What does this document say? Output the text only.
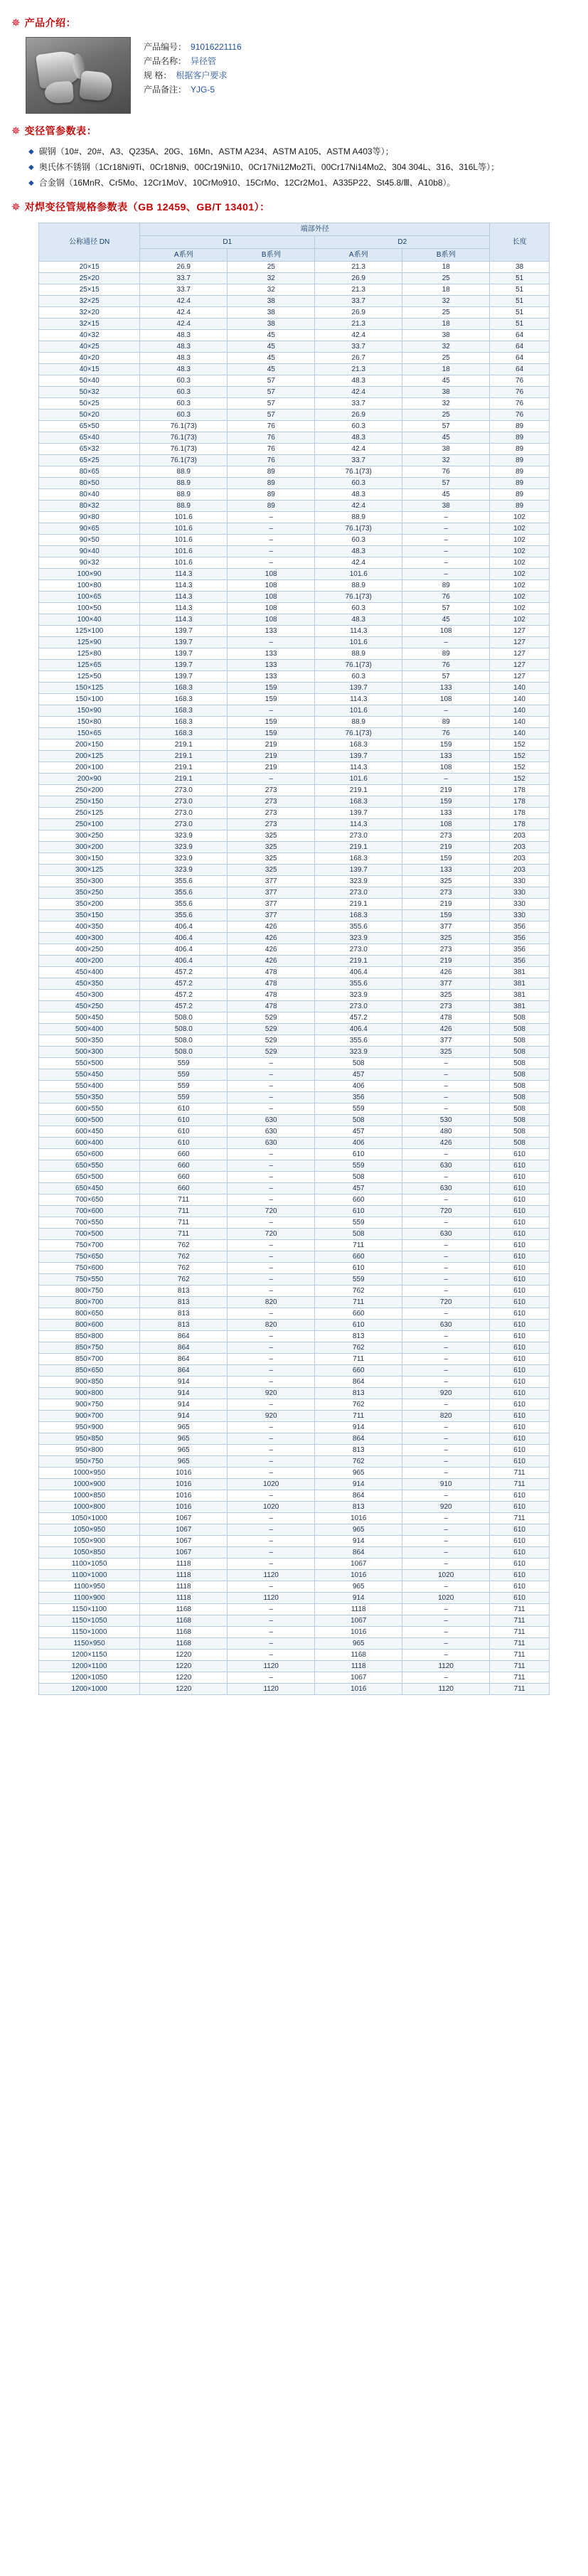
✵ 产品介绍：
产品编号： 91016221116
产品名称： 异径管
规 格： 根据客户要求
产品备注： YJG-5
✵ 变径管参数表：
◆ 碳钢（10#、20#、A3、Q235A、20G、16Mn、ASTM A234、ASTM A105、ASTM A403等）；
◆ 奥氏体不锈钢（1Cr18Ni9Ti、0Cr18Ni9、00Cr19Ni10、0Cr17Ni12Mo2Ti、00Cr17Ni14Mo2、304 304L、316、316L等）；
◆ 合金钢（16MnR、Cr5Mo、12Cr1MoV、10CrMo910、15CrMo、12Cr2Mo1、A335P22、St45.8/Ⅲ、A10b8）。
✵ 对焊变径管规格参数表（GB 12459、GB/T 13401）：
公称通径 DN	端部外径				长度
	D1		D2		
	A系列	B系列	A系列	B系列	
20×15	26.9	25	21.3	18	38
25×20	33.7	32	26.9	25	51
25×15	33.7	32	21.3	18	51
32×25	42.4	38	33.7	32	51
32×20	42.4	38	26.9	25	51
32×15	42.4	38	21.3	18	51
40×32	48.3	45	42.4	38	64
40×25	48.3	45	33.7	32	64
40×20	48.3	45	26.7	25	64
40×15	48.3	45	21.3	18	64
50×40	60.3	57	48.3	45	76
50×32	60.3	57	42.4	38	76
50×25	60.3	57	33.7	32	76
50×20	60.3	57	26.9	25	76
65×50	76.1(73)	76	60.3	57	89
65×40	76.1(73)	76	48.3	45	89
65×32	76.1(73)	76	42.4	38	89
65×25	76.1(73)	76	33.7	32	89
80×65	88.9	89	76.1(73)	76	89
80×50	88.9	89	60.3	57	89
80×40	88.9	89	48.3	45	89
80×32	88.9	89	42.4	38	89
90×80	101.6	–	88.9	–	102
90×65	101.6	–	76.1(73)	–	102
90×50	101.6	–	60.3	–	102
90×40	101.6	–	48.3	–	102
90×32	101.6	–	42.4	–	102
100×90	114.3	108	101.6	–	102
100×80	114.3	108	88.9	89	102
100×65	114.3	108	76.1(73)	76	102
100×50	114.3	108	60.3	57	102
100×40	114.3	108	48.3	45	102
125×100	139.7	133	114.3	108	127
125×90	139.7	–	101.6	–	127
125×80	139.7	133	88.9	89	127
125×65	139.7	133	76.1(73)	76	127
125×50	139.7	133	60.3	57	127
150×125	168.3	159	139.7	133	140
150×100	168.3	159	114.3	108	140
150×90	168.3	–	101.6	–	140
150×80	168.3	159	88.9	89	140
150×65	168.3	159	76.1(73)	76	140
200×150	219.1	219	168.3	159	152
200×125	219.1	219	139.7	133	152
200×100	219.1	219	114.3	108	152
200×90	219.1	–	101.6	–	152
250×200	273.0	273	219.1	219	178
250×150	273.0	273	168.3	159	178
250×125	273.0	273	139.7	133	178
250×100	273.0	273	114.3	108	178
300×250	323.9	325	273.0	273	203
300×200	323.9	325	219.1	219	203
300×150	323.9	325	168.3	159	203
300×125	323.9	325	139.7	133	203
350×300	355.6	377	323.9	325	330
350×250	355.6	377	273.0	273	330
350×200	355.6	377	219.1	219	330
350×150	355.6	377	168.3	159	330
400×350	406.4	426	355.6	377	356
400×300	406.4	426	323.9	325	356
400×250	406.4	426	273.0	273	356
400×200	406.4	426	219.1	219	356
450×400	457.2	478	406.4	426	381
450×350	457.2	478	355.6	377	381
450×300	457.2	478	323.9	325	381
450×250	457.2	478	273.0	273	381
500×450	508.0	529	457.2	478	508
500×400	508.0	529	406.4	426	508
500×350	508.0	529	355.6	377	508
500×300	508.0	529	323.9	325	508
550×500	559	–	508	–	508
550×450	559	–	457	–	508
550×400	559	–	406	–	508
550×350	559	–	356	–	508
600×550	610	–	559	–	508
600×500	610	630	508	530	508
600×450	610	630	457	480	508
600×400	610	630	406	426	508
650×600	660	–	610	–	610
650×550	660	–	559	630	610
650×500	660	–	508	–	610
650×450	660	–	457	630	610
700×650	711	–	660	–	610
700×600	711	720	610	720	610
700×550	711	–	559	–	610
700×500	711	720	508	630	610
750×700	762	–	711	–	610
750×650	762	–	660	–	610
750×600	762	–	610	–	610
750×550	762	–	559	–	610
800×750	813	–	762	–	610
800×700	813	820	711	720	610
800×650	813	–	660	–	610
800×600	813	820	610	630	610
850×800	864	–	813	–	610
850×750	864	–	762	–	610
850×700	864	–	711	–	610
850×650	864	–	660	–	610
900×850	914	–	864	–	610
900×800	914	920	813	920	610
900×750	914	–	762	–	610
900×700	914	920	711	820	610
950×900	965	–	914	–	610
950×850	965	–	864	–	610
950×800	965	–	813	–	610
950×750	965	–	762	–	610
1000×950	1016	–	965	–	711
1000×900	1016	1020	914	910	711
1000×850	1016	–	864	–	610
1000×800	1016	1020	813	920	610
1050×1000	1067	–	1016	–	711
1050×950	1067	–	965	–	610
1050×900	1067	–	914	–	610
1050×850	1067	–	864	–	610
1100×1050	1118	–	1067	–	610
1100×1000	1118	1120	1016	1020	610
1100×950	1118	–	965	–	610
1100×900	1118	1120	914	1020	610
1150×1100	1168	–	1118	–	711
1150×1050	1168	–	1067	–	711
1150×1000	1168	–	1016	–	711
1150×950	1168	–	965	–	711
1200×1150	1220	–	1168	–	711
1200×1100	1220	1120	1118	1120	711
1200×1050	1220	–	1067	–	711
1200×1000	1220	1120	1016	1120	711
